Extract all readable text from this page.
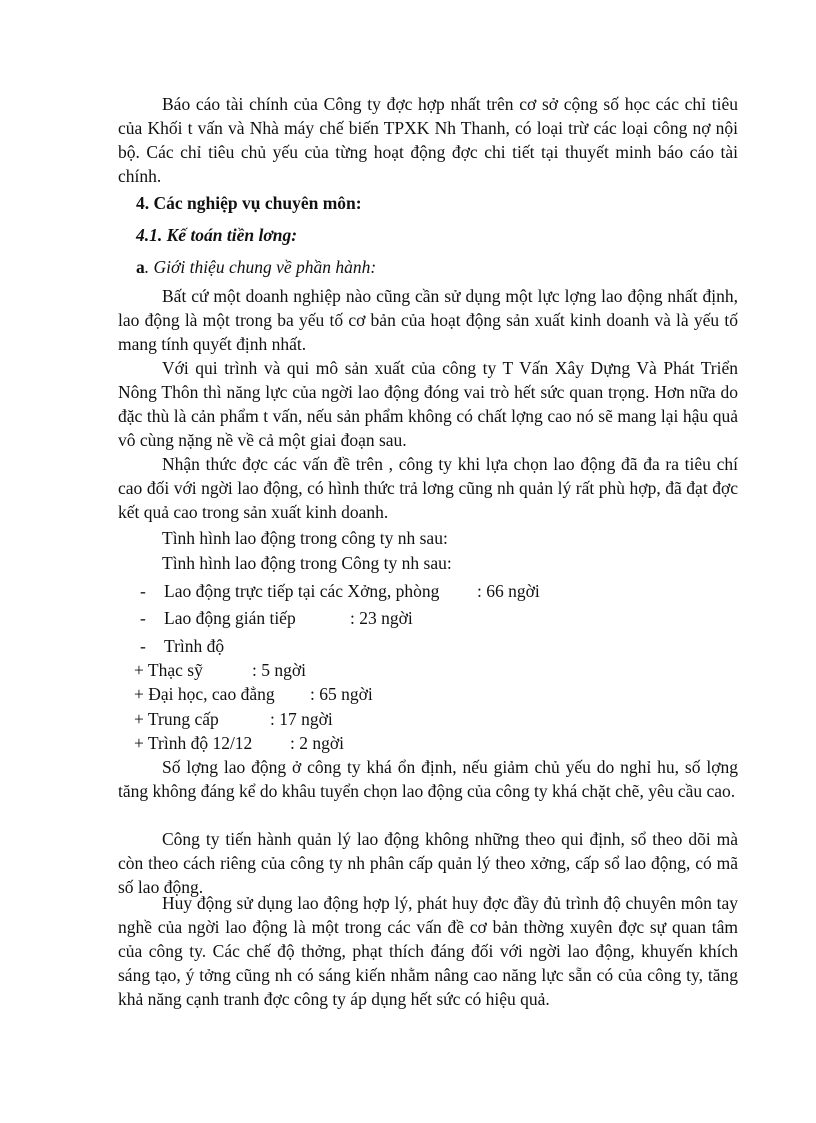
Báo cáo tài chính của Công ty đợc hợp nhất trên cơ sở cộng số học các chỉ tiêu của Khối t vấn và Nhà máy chế biến TPXK Nh Thanh, có loại trừ các loại công nợ nội bộ. Các chỉ tiêu chủ yếu của từng hoạt động đợc chi tiết tại thuyết minh báo cáo tài chính.

4. Các nghiệp vụ chuyên môn:

4.1. Kế toán tiền lơng:

a. Giới thiệu chung về phần hành:

Bất cứ một doanh nghiệp nào cũng cần sử dụng một lực lợng lao động nhất định, lao động là một trong ba yếu tố cơ bản của hoạt động sản xuất kinh doanh và là yếu tố mang tính quyết định nhất.

Với qui trình và qui mô sản xuất của công ty T Vấn Xây Dựng Và Phát Triển Nông Thôn thì năng lực của ngời lao động đóng vai trò hết sức quan trọng. Hơn nữa do đặc thù là cản phẩm t vấn, nếu sản phẩm không có chất lợng cao nó sẽ mang lại hậu quả vô cùng nặng nề về cả một giai đoạn sau.

Nhận thức đợc các vấn đề trên , công ty khi lựa chọn lao động đã đa ra tiêu chí cao đối với ngời lao động, có hình thức trả lơng cũng nh quản lý rất phù hợp, đã đạt đợc kết quả cao trong sản xuất kinh doanh.

Tình hình lao động trong công ty nh sau:

Tình hình lao động trong Công ty nh sau:

- Lao động trực tiếp tại các Xởng, phòng : 66 ngời
- Lao động gián tiếp	: 23 ngời
- Trình độ
+ Thạc sỹ	: 5 ngời
+ Đại học, cao đẳng : 65 ngời
+ Trung cấp	: 17 ngời
+ Trình độ 12/12 : 2 ngời

Số lợng lao động ở công ty khá ổn định, nếu giảm chủ yếu do nghỉ hu, số lợng tăng không đáng kể do khâu tuyển chọn lao động của công ty khá chặt chẽ, yêu cầu cao.

Công ty tiến hành quản lý lao động không những theo qui định, sổ theo dõi mà còn theo cách riêng của công ty nh phân cấp quản lý theo xởng, cấp sổ lao động, có mã số lao động.

Huy động sử dụng lao động hợp lý, phát huy đợc đầy đủ trình độ chuyên môn tay nghề của ngời lao động là một trong các vấn đề cơ bản thờng xuyên đợc sự quan tâm của công ty. Các chế độ thởng, phạt thích đáng đối với ngời lao động, khuyến khích sáng tạo, ý tởng cũng nh có sáng kiến nhằm nâng cao năng lực sẵn có của công ty, tăng khả năng cạnh tranh đợc công ty áp dụng hết sức có hiệu quả.
